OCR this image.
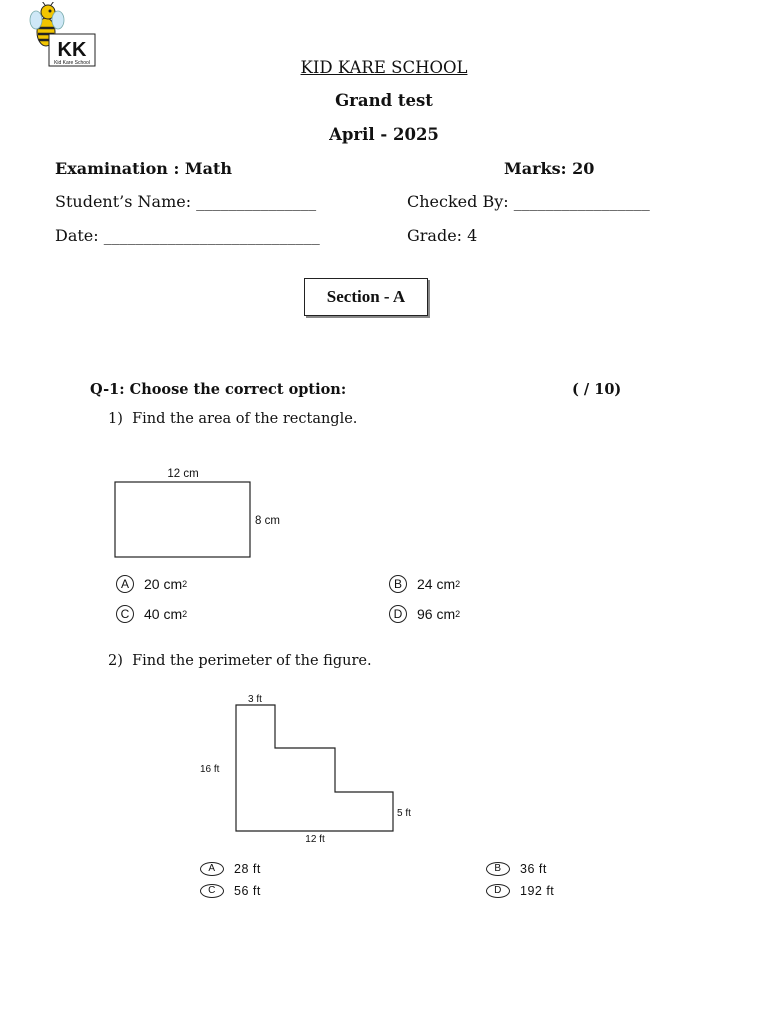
KK
Kid Kare School	KID KARE SCHOOL
Grand test
April - 2025
Examination : Math	Marks: 20
Student’s Name: _______________	Checked By: _________________
Date: ___________________________	Grade: 4
Section - A
Q-1: Choose the correct option:	( / 10)
1) Find the area of the rectangle.
12 cm
8 cm
A	20 cm 2	B	24 cm 2
C	40 cm 2	D	96 cm 2
2) Find the perimeter of the figure.
3 ft
16 ft
5 ft
12 ft
A	28 ft	B	36 ft
C	56 ft	D	192 ft
